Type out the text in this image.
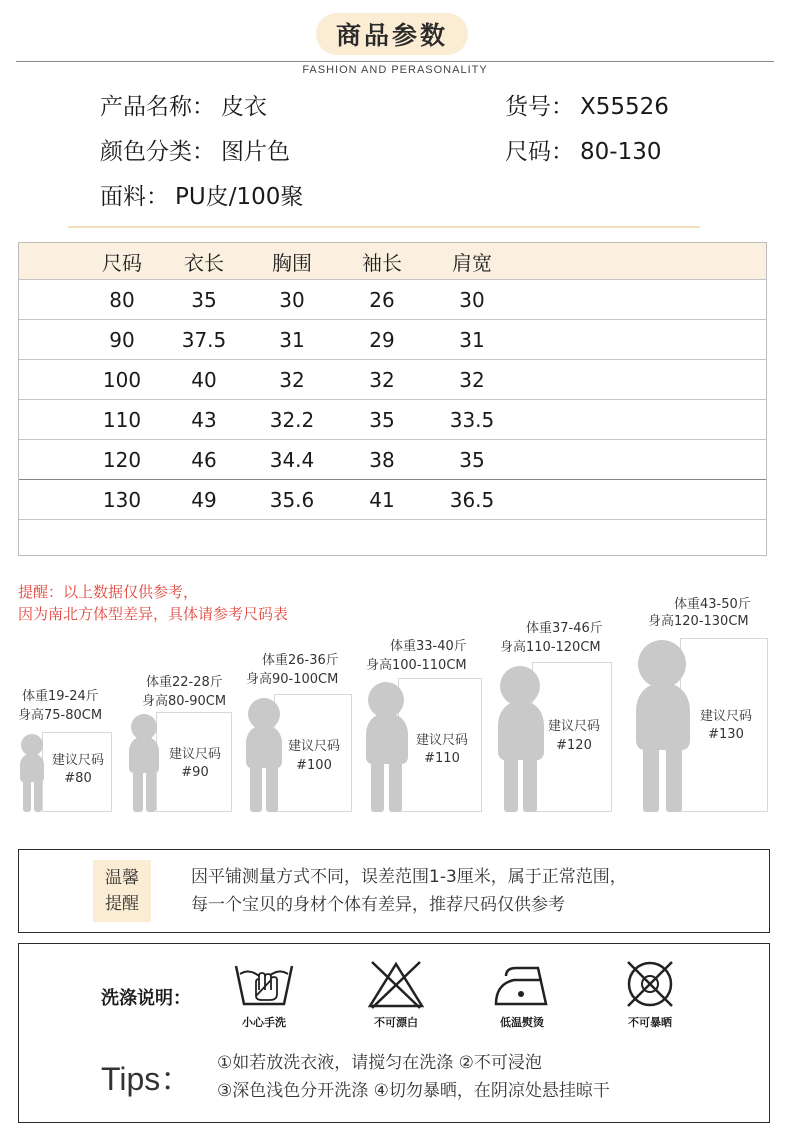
商品参数
FASHION AND PERASONALITY
产品名称： 皮衣
颜色分类： 图片色
面料： PU皮/100聚
货号： X55526
尺码： 80-130
尺码	衣长	胸围	袖长	肩宽
80	35	30	26	30
90	37.5	31	29	31
100	40	32	32	32
110	43	32.2	35	33.5
120	46	34.4	38	35
130	49	35.6	41	36.5
提醒：以上数据仅供参考，
因为南北方体型差异，具体请参考尺码表
体重19-24斤
身高75-80CM
建议尺码
#80
体重22-28斤
身高80-90CM
建议尺码
#90
体重26-36斤
身高90-100CM
建议尺码
#100
体重33-40斤
身高100-110CM
建议尺码
#110
体重37-46斤
身高110-120CM
建议尺码
#120
体重43-50斤
身高120-130CM
建议尺码
#130
温馨
提醒
因平铺测量方式不同，误差范围1-3厘米，属于正常范围，
每一个宝贝的身材个体有差异，推荐尺码仅供参考
洗涤说明：
小心手洗	不可漂白	低温熨烫	不可暴晒
Tips： ①如若放洗衣液，请搅匀在洗涤 ②不可浸泡
③深色浅色分开洗涤 ④切勿暴晒，在阴凉处悬挂晾干
